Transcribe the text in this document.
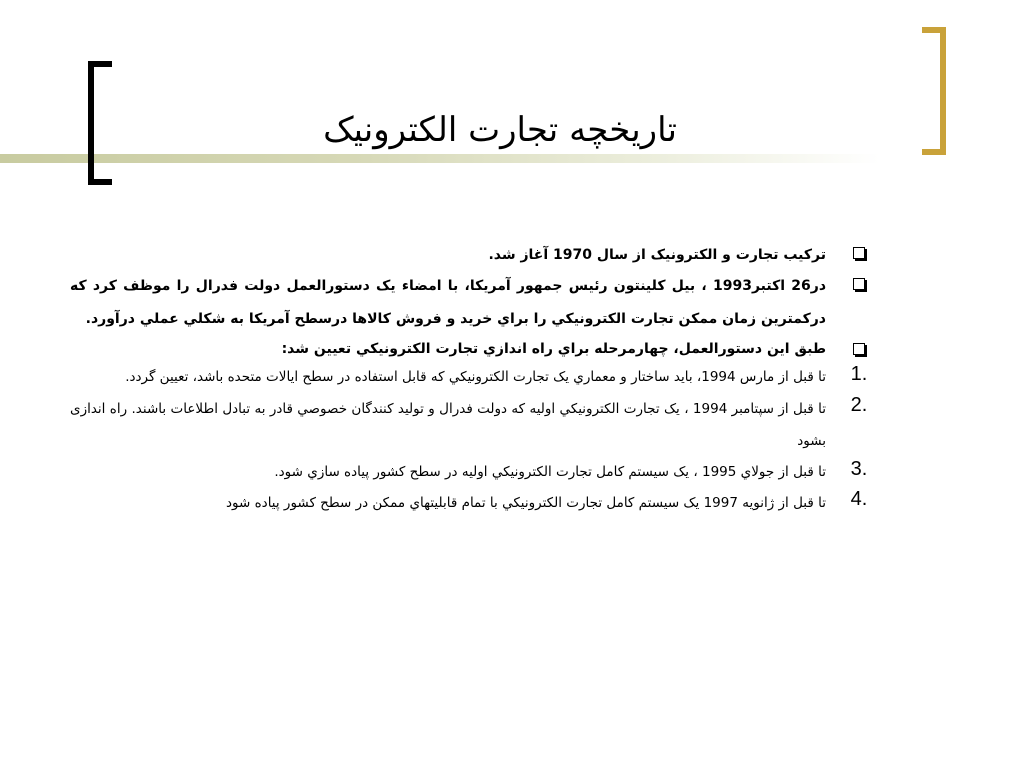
تاریخچه تجارت الکترونیک
ترکیب تجارت و الکترونیک از سال 1970 آغاز شد.
در26 اکتبر1993 ، بیل کلینتون رئیس جمهور آمریکا، با امضاء یک دستورالعمل دولت فدرال را موظف کرد که درکمترین زمان ممکن تجارت الکترونيكي را براي خرید و فروش کالاها درسطح آمریکا به شکلي عملي درآورد.
طبق این دستورالعمل، چهارمرحله براي راه اندازي تجارت الکترونيكي تعیین شد:
1.
تا قبل از مارس 1994، باید ساختار و معماري یک تجارت الکترونيكي که قابل استفاده در سطح ایالات متحده باشد، تعیین گردد.
2.
تا قبل از سپتامبر 1994 ، یک تجارت الکترونيكي اولیه که دولت فدرال و تولید کنندگان خصوصي قادر به تبادل اطلاعات باشند. راه اندازی بشود
3.
تا قبل از جولاي 1995 ، یک سیستم کامل تجارت الکترونيكي اولیه در سطح کشور پیاده سازي شود.
4.
تا قبل از ژانویه 1997 یک سیستم کامل تجارت الکترونيكي با تمام قابلیتهاي ممکن در سطح کشور پیاده شود
